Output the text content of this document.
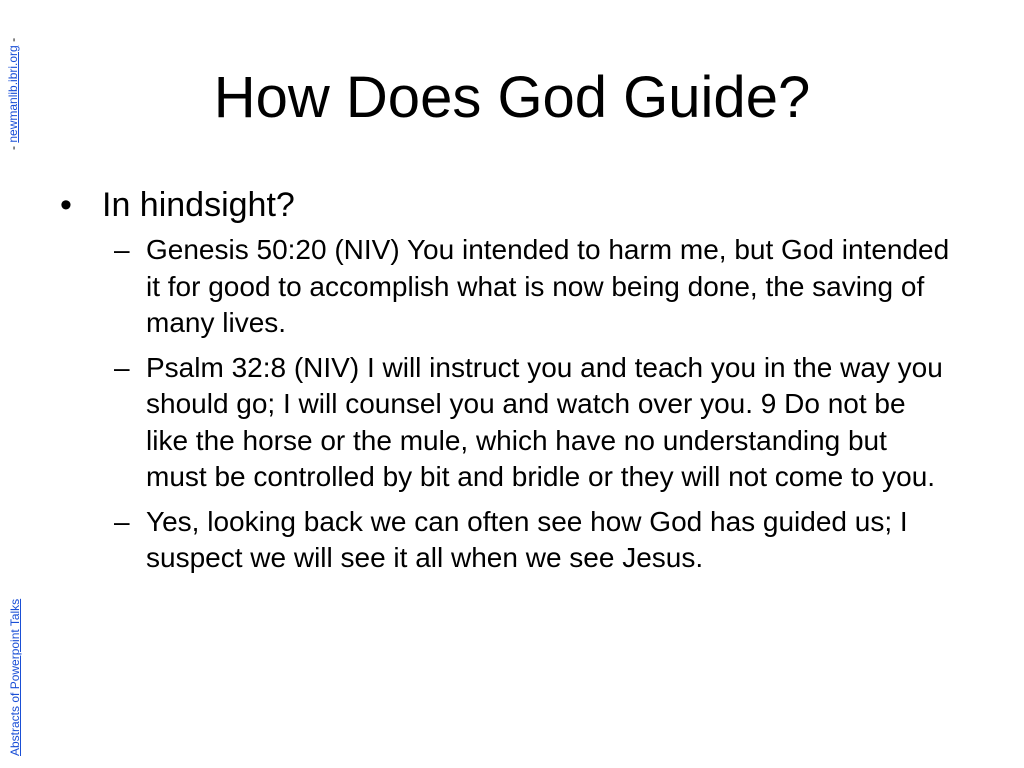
- newmanlib.ibri.org -
Abstracts of Powerpoint Talks
How Does God Guide?
• In hindsight?
– Genesis 50:20 (NIV) You intended to harm me, but God intended it for good to accomplish what is now being done, the saving of many lives.
– Psalm 32:8 (NIV) I will instruct you and teach you in the way you should go; I will counsel you and watch over you. 9 Do not be like the horse or the mule, which have no understanding but must be controlled by bit and bridle or they will not come to you.
– Yes, looking back we can often see how God has guided us; I suspect we will see it all when we see Jesus.
